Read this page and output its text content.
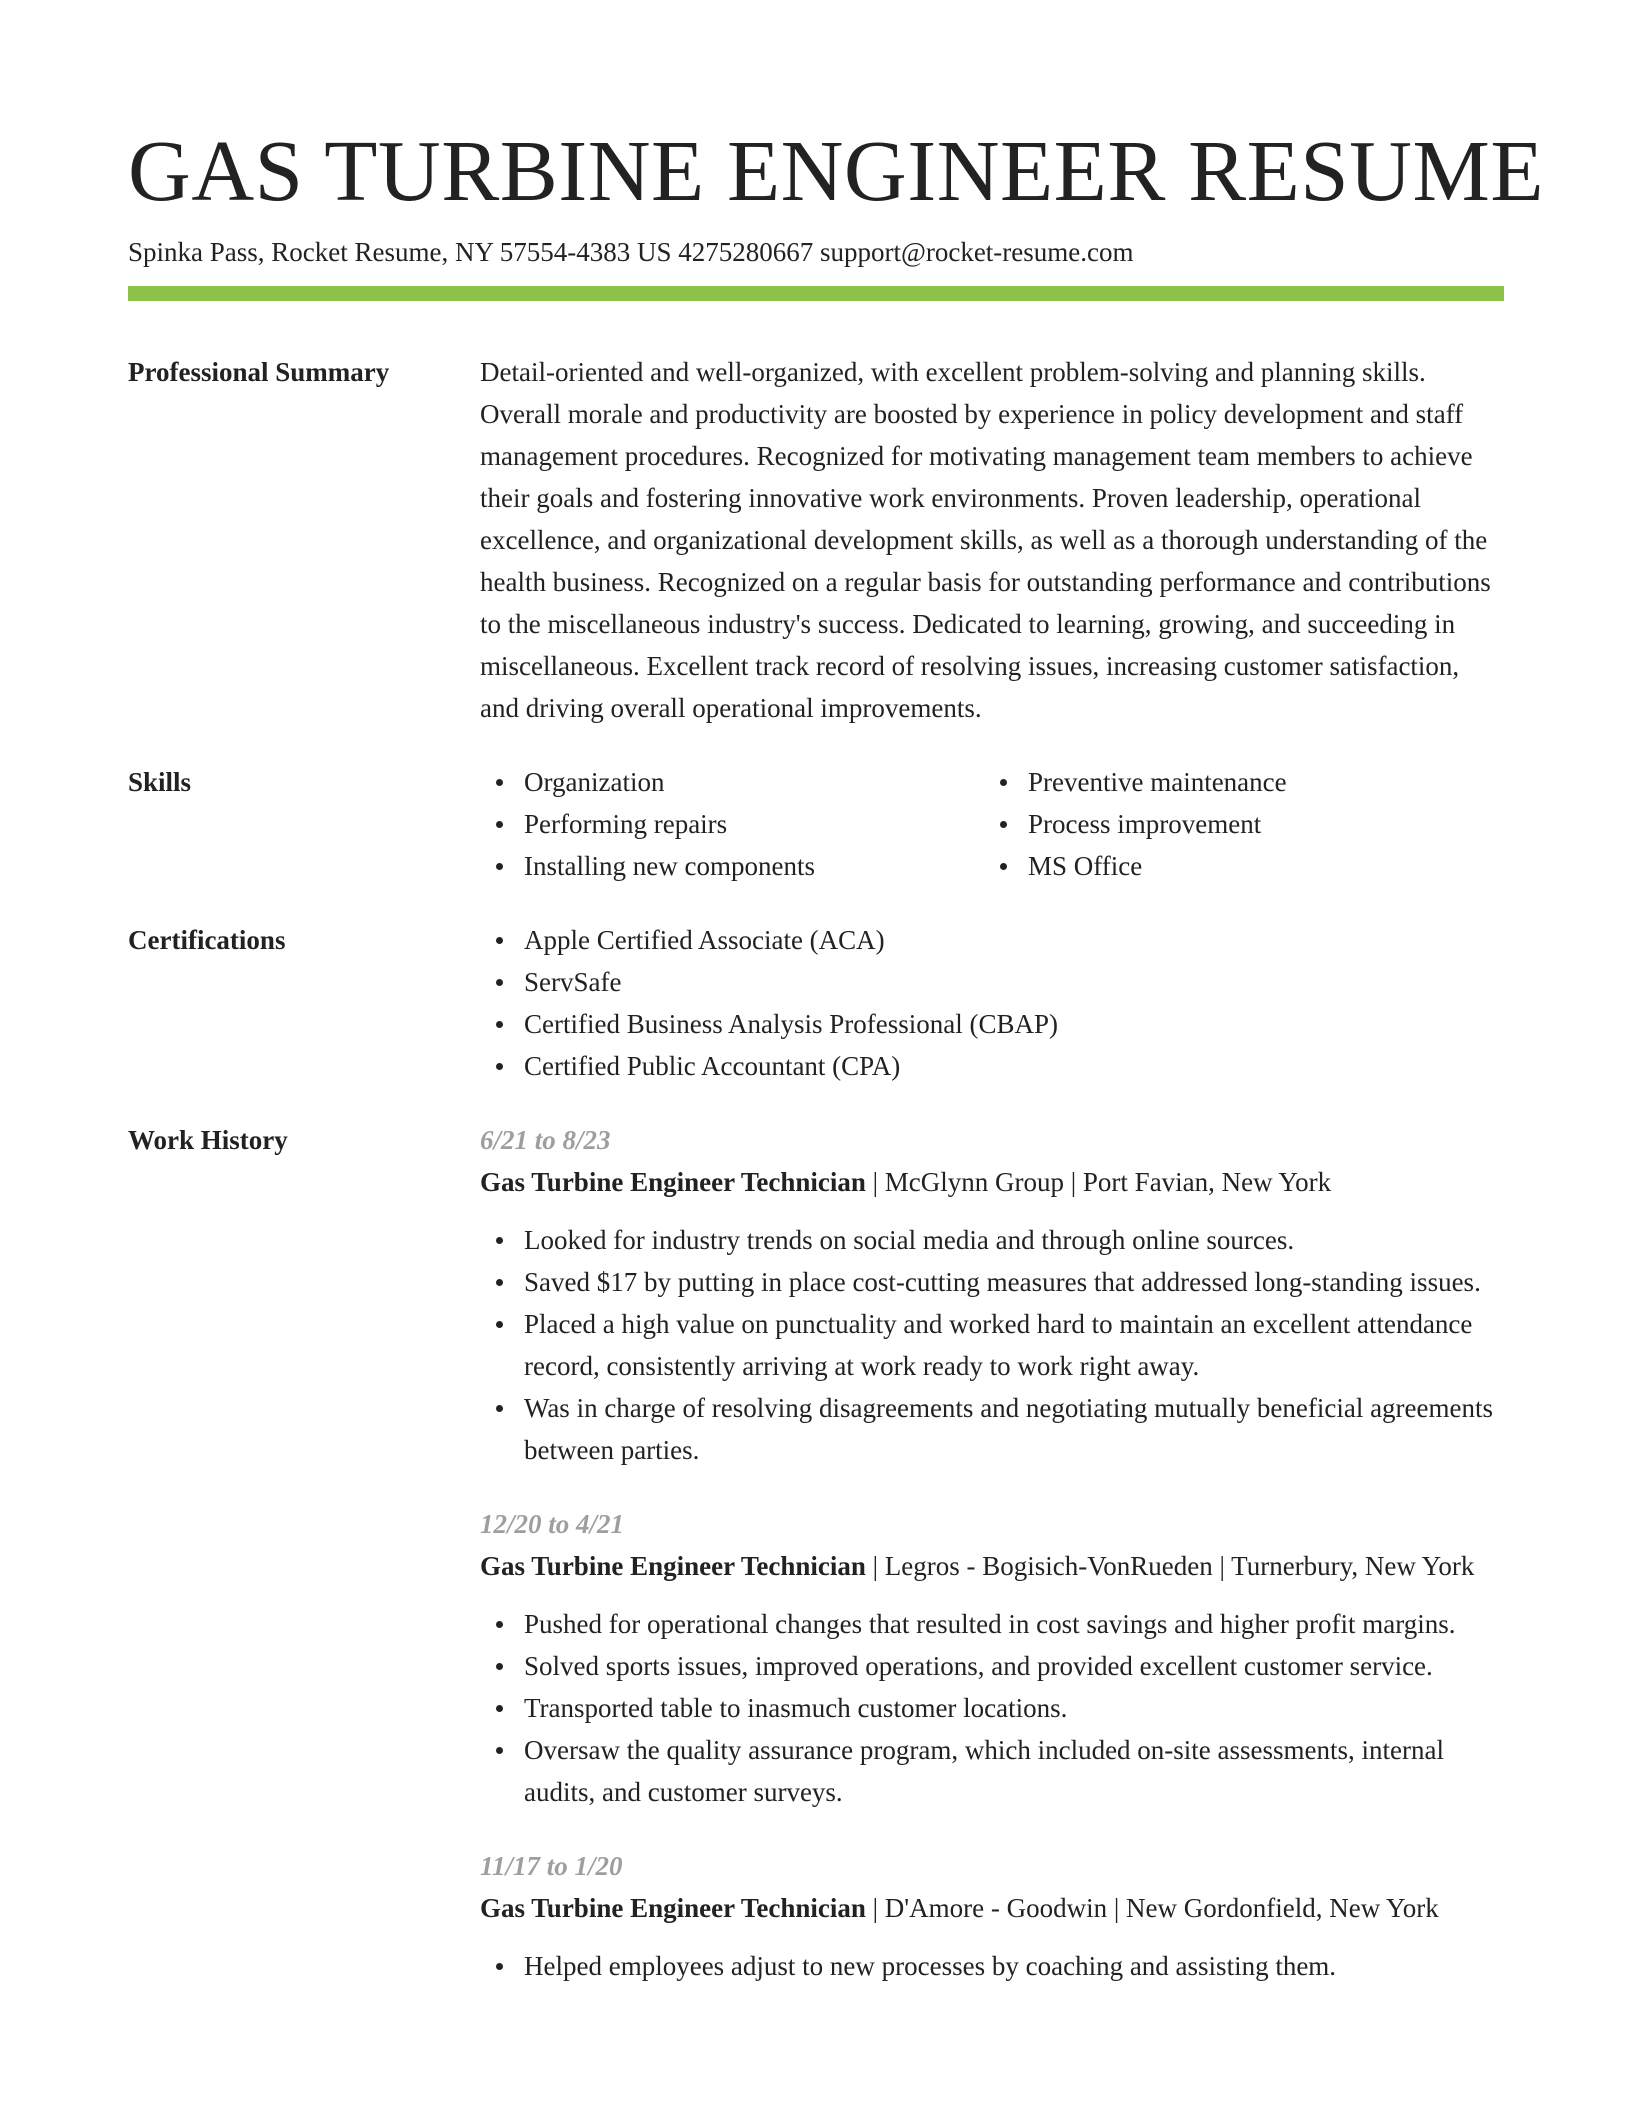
GAS TURBINE ENGINEER RESUME
Spinka Pass, Rocket Resume, NY 57554-4383 US 4275280667 support@rocket-resume.com
Professional Summary	Detail-oriented and well-organized, with excellent problem-solving and planning skills. Overall morale and productivity are boosted by experience in policy development and staff management procedures. Recognized for motivating management team members to achieve their goals and fostering innovative work environments. Proven leadership, operational excellence, and organizational development skills, as well as a thorough understanding of the health business. Recognized on a regular basis for outstanding performance and contributions to the miscellaneous industry's success. Dedicated to learning, growing, and succeeding in miscellaneous. Excellent track record of resolving issues, increasing customer satisfaction, and driving overall operational improvements.

Skills	Organization
Performing repairs
Installing new components
Preventive maintenance
Process improvement
MS Office
Certifications	Apple Certified Associate (ACA)
ServSafe
Certified Business Analysis Professional (CBAP)
Certified Public Accountant (CPA)
Work History	6/21 to 8/23
Gas Turbine Engineer Technician | McGlynn Group | Port Favian, New York
Looked for industry trends on social media and through online sources.
Saved $17 by putting in place cost-cutting measures that addressed long-standing issues.
Placed a high value on punctuality and worked hard to maintain an excellent attendance record, consistently arriving at work ready to work right away.
Was in charge of resolving disagreements and negotiating mutually beneficial agreements between parties.
12/20 to 4/21
Gas Turbine Engineer Technician | Legros - Bogisich-VonRueden | Turnerbury, New York
Pushed for operational changes that resulted in cost savings and higher profit margins.
Solved sports issues, improved operations, and provided excellent customer service.
Transported table to inasmuch customer locations.
Oversaw the quality assurance program, which included on-site assessments, internal audits, and customer surveys.
11/17 to 1/20
Gas Turbine Engineer Technician | D'Amore - Goodwin | New Gordonfield, New York
Helped employees adjust to new processes by coaching and assisting them.
